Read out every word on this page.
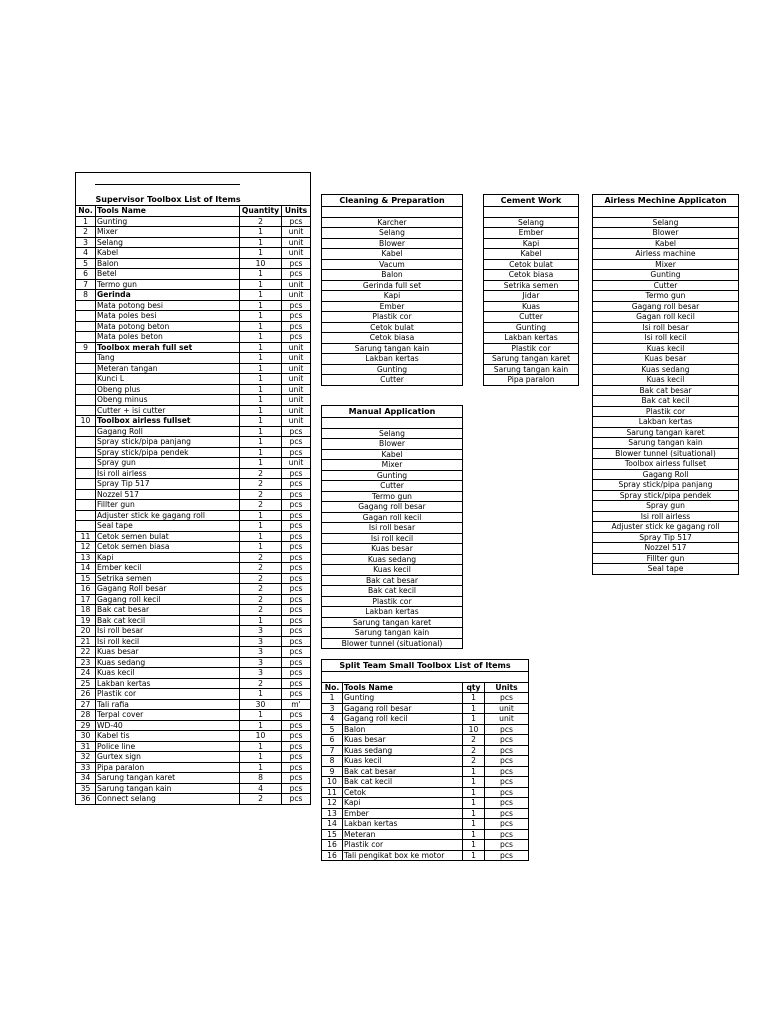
	Supervisor Toolbox List of Items		
No.	Tools Name	Quantity	Units
1	Gunting	2	pcs
2	Mixer	1	unit
3	Selang	1	unit
4	Kabel	1	unit
5	Balon	10	pcs
6	Betel	1	pcs
7	Termo gun	1	unit
8	Gerinda	1	unit
	Mata potong besi	1	pcs
	Mata poles besi	1	pcs
	Mata potong beton	1	pcs
	Mata poles beton	1	pcs
9	Toolbox merah full set	1	unit
	Tang	1	unit
	Meteran tangan	1	unit
	Kunci L	1	unit
	Obeng plus	1	unit
	Obeng minus	1	unit
	Cutter + isi cutter	1	unit
10	Toolbox airless fullset	1	unit
	Gagang Roll	1	pcs
	Spray stick/pipa panjang	1	pcs
	Spray stick/pipa pendek	1	pcs
	Spray gun	1	unit
	Isi roll airless	2	pcs
	Spray Tip 517	2	pcs
	Nozzel 517	2	pcs
	Fillter gun	2	pcs
	Adjuster stick ke gagang roll	1	pcs
	Seal tape	1	pcs
11	Cetok semen bulat	1	pcs
12	Cetok semen biasa	1	pcs
13	Kapi	2	pcs
14	Ember kecil	2	pcs
15	Setrika semen	2	pcs
16	Gagang Roll besar	2	pcs
17	Gagang roll kecil	2	pcs
18	Bak cat besar	2	pcs
19	Bak cat kecil	1	pcs
20	Isi roll besar	3	pcs
21	Isi roll kecil	3	pcs
22	Kuas besar	3	pcs
23	Kuas sedang	3	pcs
24	Kuas kecil	3	pcs
25	Lakban kertas	2	pcs
26	Plastik cor	1	pcs
27	Tali rafia	30	m'
28	Terpal cover	1	pcs
29	WD-40	1	pcs
30	Kabel tis	10	pcs
31	Police line	1	pcs
32	Gurtex sign	1	pcs
33	Pipa paralon	1	pcs
34	Sarung tangan karet	8	pcs
35	Sarung tangan kain	4	pcs
36	Connect selang	2	pcs
Cleaning & Preparation

Karcher
Selang
Blower
Kabel
Vacum
Balon
Gerinda full set
Kapi
Ember
Plastik cor
Cetok bulat
Cetok biasa
Sarung tangan kain
Lakban kertas
Gunting
Cutter
Cement Work

Selang
Ember
Kapi
Kabel
Cetok bulat
Cetok biasa
Setrika semen
Jidar
Kuas
Cutter
Gunting
Lakban kertas
Plastik cor
Sarung tangan karet
Sarung tangan kain
Pipa paralon
Airless Mechine Applicaton

Selang
Blower
Kabel
Airless machine
Mixer
Gunting
Cutter
Termo gun
Gagang roll besar
Gagan roll kecil
Isi roll besar
Isi roll kecil
Kuas kecil
Kuas besar
Kuas sedang
Kuas kecil
Bak cat besar
Bak cat kecil
Plastik cor
Lakban kertas
Sarung tangan karet
Sarung tangan kain
Blower tunnel (situational)
Toolbox airless fullset
Gagang Roll
Spray stick/pipa panjang
Spray stick/pipa pendek
Spray gun
Isi roll airless
Adjuster stick ke gagang roll
Spray Tip 517
Nozzel 517
Fillter gun
Seal tape
Manual Application

Selang
Blower
Kabel
Mixer
Gunting
Cutter
Termo gun
Gagang roll besar
Gagan roll kecil
Isi roll besar
Isi roll kecil
Kuas besar
Kuas sedang
Kuas kecil
Bak cat besar
Bak cat kecil
Plastik cor
Lakban kertas
Sarung tangan karet
Sarung tangan kain
Blower tunnel (situational)
Split Team Small Toolbox List of Items			

No.	Tools Name	qty	Units
1	Gunting	1	pcs
3	Gagang roll besar	1	unit
4	Gagang roll kecil	1	unit
5	Balon	10	pcs
6	Kuas besar	2	pcs
7	Kuas sedang	2	pcs
8	Kuas kecil	2	pcs
9	Bak cat besar	1	pcs
10	Bak cat kecil	1	pcs
11	Cetok	1	pcs
12	Kapi	1	pcs
13	Ember	1	pcs
14	Lakban kertas	1	pcs
15	Meteran	1	pcs
16	Plastik cor	1	pcs
16	Tali pengikat box ke motor	1	pcs
